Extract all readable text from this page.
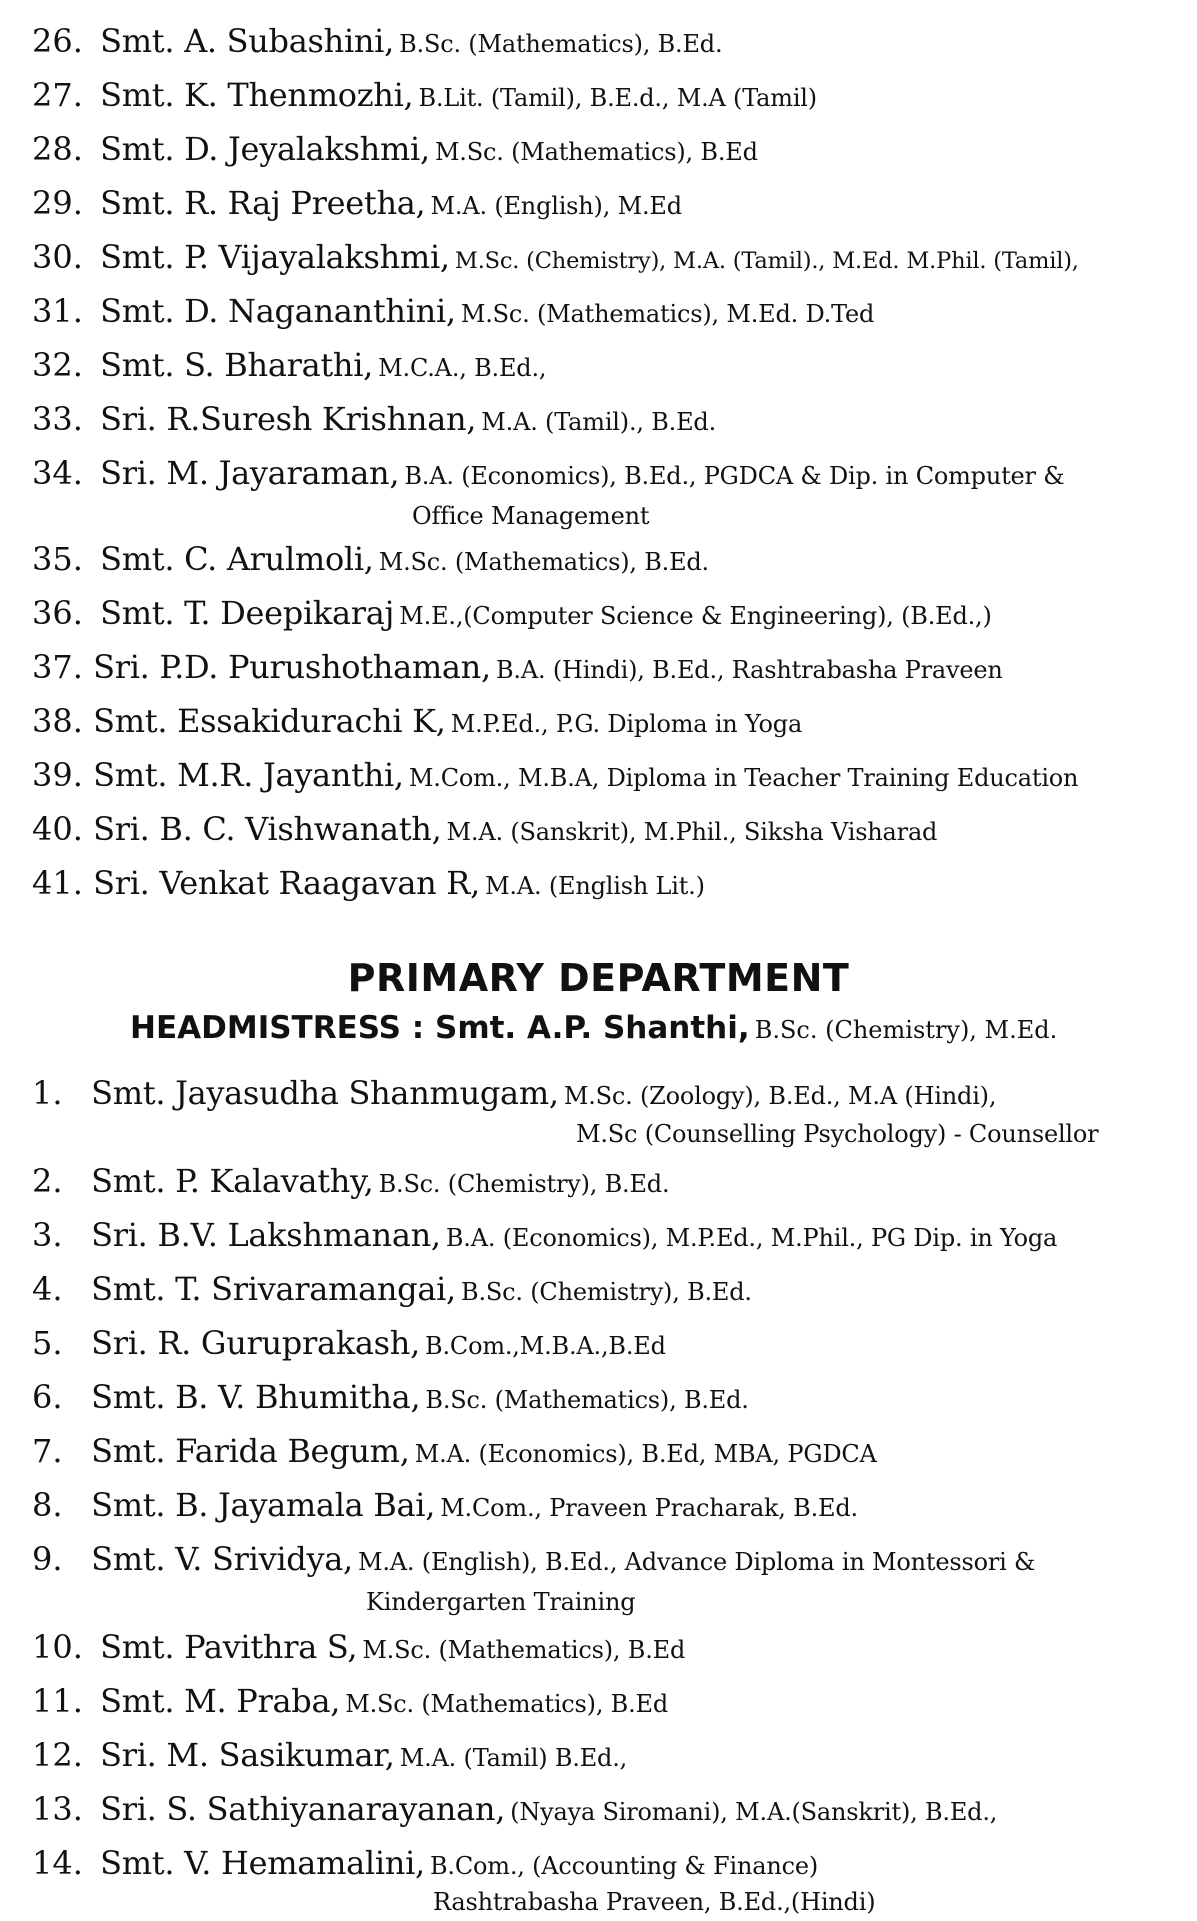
26. Smt. A. Subashini, B.Sc. (Mathematics), B.Ed.
27. Smt. K. Thenmozhi, B.Lit. (Tamil), B.E.d., M.A (Tamil)
28. Smt. D. Jeyalakshmi, M.Sc. (Mathematics), B.Ed
29. Smt. R. Raj Preetha, M.A. (English), M.Ed
30. Smt. P. Vijayalakshmi, M.Sc. (Chemistry), M.A. (Tamil)., M.Ed. M.Phil. (Tamil),
31. Smt. D. Nagananthini, M.Sc. (Mathematics), M.Ed. D.Ted
32. Smt. S. Bharathi, M.C.A., B.Ed.,
33. Sri. R.Suresh Krishnan, M.A. (Tamil)., B.Ed.
34. Sri. M. Jayaraman, B.A. (Economics), B.Ed., PGDCA & Dip. in Computer &
Office Management
35. Smt. C. Arulmoli, M.Sc. (Mathematics), B.Ed.
36. Smt. T. Deepikaraj M.E.,(Computer Science & Engineering), (B.Ed.,)
37. Sri. P.D. Purushothaman, B.A. (Hindi), B.Ed., Rashtrabasha Praveen
38. Smt. Essakidurachi K, M.P.Ed., P.G. Diploma in Yoga
39. Smt. M.R. Jayanthi, M.Com., M.B.A, Diploma in Teacher Training Education
40. Sri. B. C. Vishwanath, M.A. (Sanskrit), M.Phil., Siksha Visharad
41. Sri. Venkat Raagavan R, M.A. (English Lit.)
PRIMARY DEPARTMENT
HEADMISTRESS : Smt. A.P. Shanthi, B.Sc. (Chemistry), M.Ed.
1. Smt. Jayasudha Shanmugam, M.Sc. (Zoology), B.Ed., M.A (Hindi),
M.Sc (Counselling Psychology) - Counsellor
2. Smt. P. Kalavathy, B.Sc. (Chemistry), B.Ed.
3. Sri. B.V. Lakshmanan, B.A. (Economics), M.P.Ed., M.Phil., PG Dip. in Yoga
4. Smt. T. Srivaramangai, B.Sc. (Chemistry), B.Ed.
5. Sri. R. Guruprakash, B.Com.,M.B.A.,B.Ed
6. Smt. B. V. Bhumitha, B.Sc. (Mathematics), B.Ed.
7. Smt. Farida Begum, M.A. (Economics), B.Ed, MBA, PGDCA
8. Smt. B. Jayamala Bai, M.Com., Praveen Pracharak, B.Ed.
9. Smt. V. Srividya, M.A. (English), B.Ed., Advance Diploma in Montessori &
Kindergarten Training
10. Smt. Pavithra S, M.Sc. (Mathematics), B.Ed
11. Smt. M. Praba, M.Sc. (Mathematics), B.Ed
12. Sri. M. Sasikumar, M.A. (Tamil) B.Ed.,
13. Sri. S. Sathiyanarayanan, (Nyaya Siromani), M.A.(Sanskrit), B.Ed.,
14. Smt. V. Hemamalini, B.Com., (Accounting & Finance)
Rashtrabasha Praveen, B.Ed.,(Hindi)
